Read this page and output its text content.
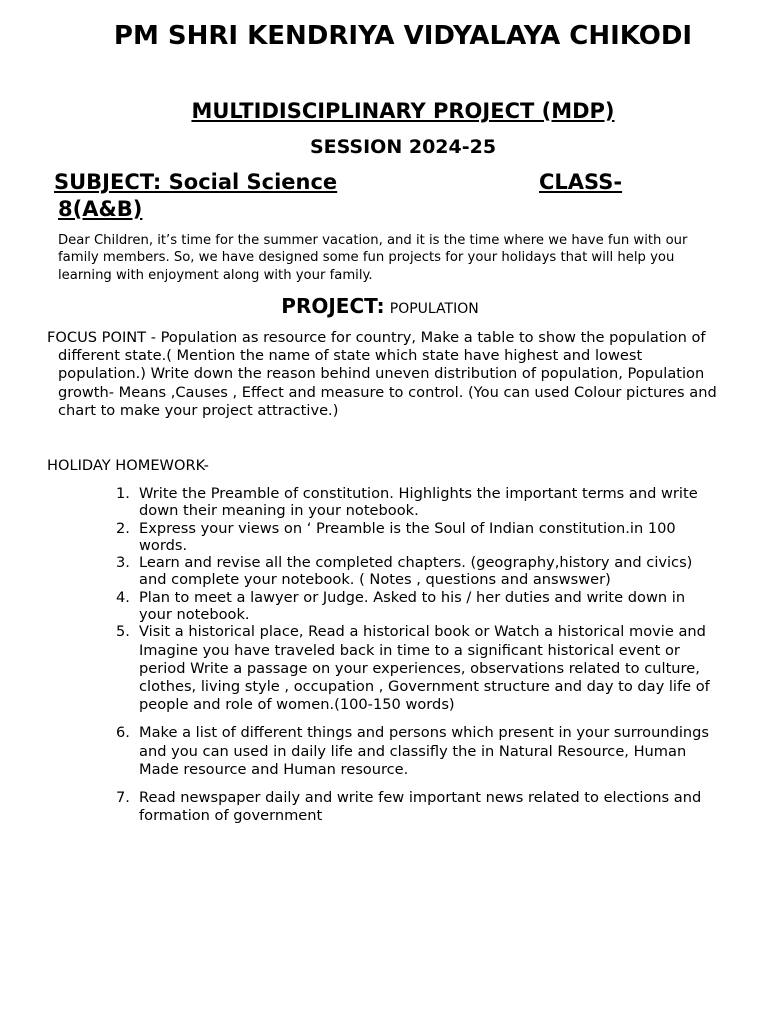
PM SHRI KENDRIYA VIDYALAYA CHIKODI
MULTIDISCIPLINARY PROJECT (MDP)
SESSION 2024-25
SUBJECT: Social Science	CLASS-
8(A&B)

Dear Children, it’s time for the summer vacation, and it is the time where we have fun with our family members. So, we have designed some fun projects for your holidays that will help you learning with enjoyment along with your family.

PROJECT: POPULATION

FOCUS POINT - Population as resource for country, Make a table to show the population of different state.( Mention the name of state which state have highest and lowest population.) Write down the reason behind uneven distribution of population, Population growth- Means ,Causes , Effect and measure to control. (You can used Colour pictures and chart to make your project attractive.)

HOLIDAY HOMEWORK-

1. Write the Preamble of constitution. Highlights the important terms and write down their meaning in your notebook.
2. Express your views on ‘ Preamble is the Soul of Indian constitution.in 100 words.
3. Learn and revise all the completed chapters. (geography,history and civics) and complete your notebook. ( Notes , questions and answswer)
4. Plan to meet a lawyer or Judge. Asked to his / her duties and write down in your notebook.
5. Visit a historical place, Read a historical book or Watch a historical movie and Imagine you have traveled back in time to a significant historical event or period Write a passage on your experiences, observations related to culture, clothes, living style , occupation , Government structure and day to day life of people and role of women.(100-150 words)
6. Make a list of different things and persons which present in your surroundings and you can used in daily life and classifly the in Natural Resource, Human Made resource and Human resource.
7. Read newspaper daily and write few important news related to elections and formation of government
